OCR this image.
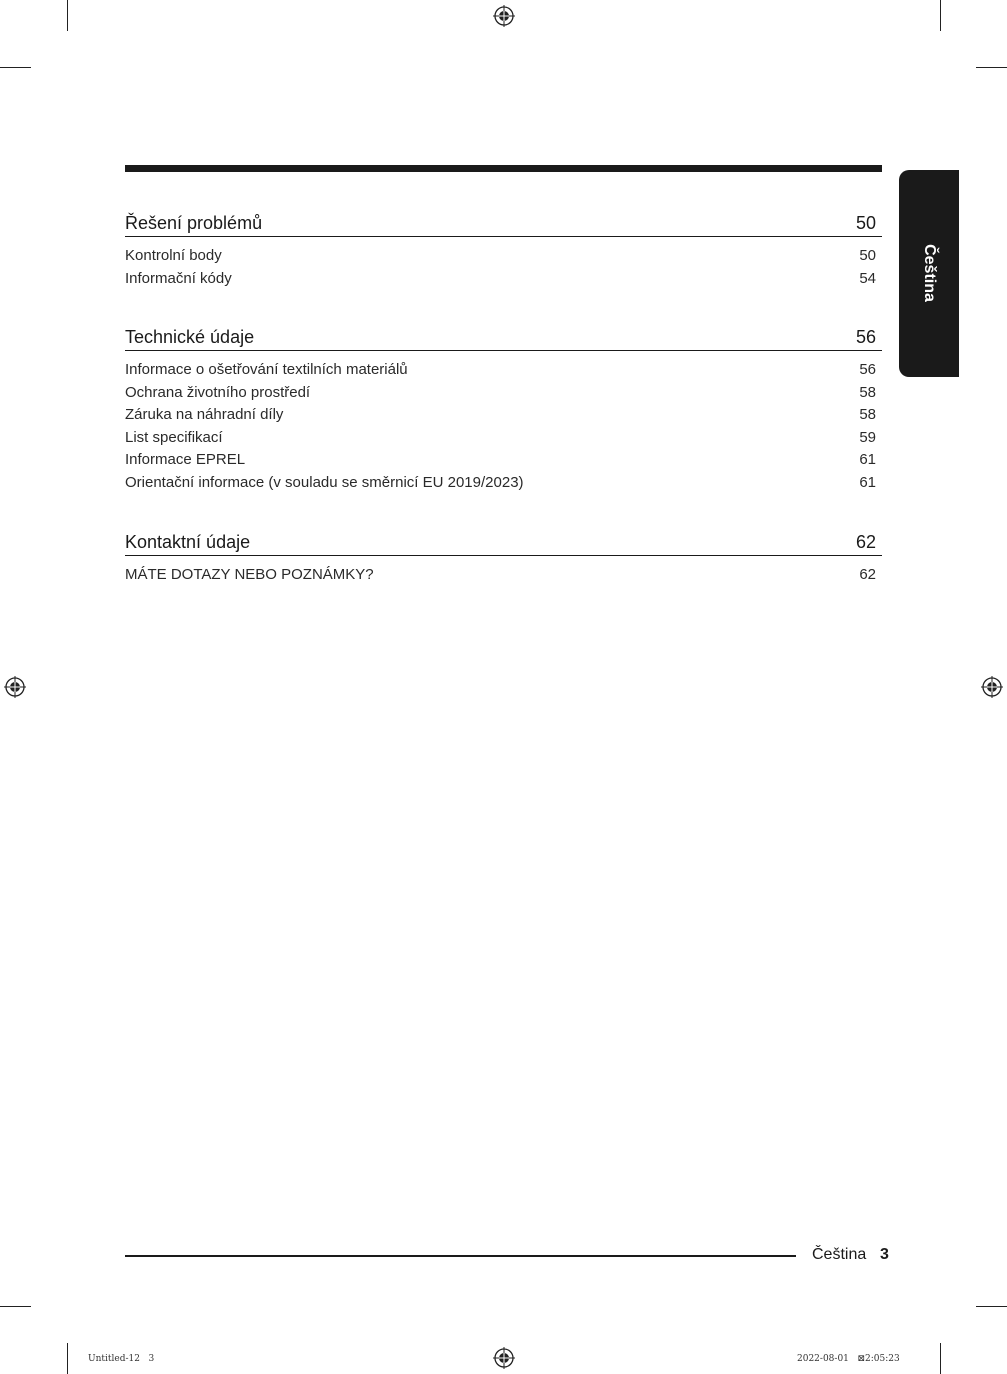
Čeština
Řešení problémů	50
Kontrolní body	50
Informační kódy	54
Technické údaje	56
Informace o ošetřování textilních materiálů	56
Ochrana životního prostředí	58
Záruka na náhradní díly	58
List specifikací	59
Informace EPREL	61
Orientační informace (v souladu se směrnicí EU 2019/2023)	61
Kontaktní údaje	62
MÁTE DOTAZY NEBO POZNÁMKY?	62
Čeština 3
Untitled-12   3	2022-08-01   ⊠2:05:23
